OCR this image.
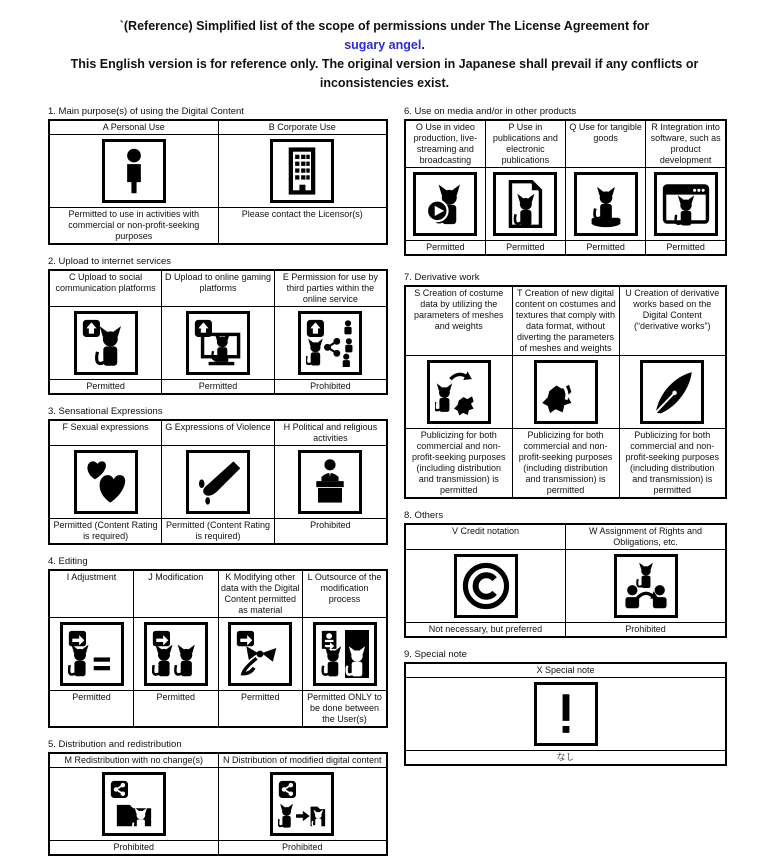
`(Reference) Simplified list of the scope of permissions under The License Agreement for
sugary angel.
This English version is for reference only. The original version in Japanese shall prevail if any conflicts or inconsistencies exist.
1. Main purpose(s) of using the Digital Content
A Personal Use	B Corporate Use

Permitted to use in activities with commercial or non-profit-seeking purposes	Please contact the Licensor(s)
2. Upload to internet services
C Upload to social communication platforms	D Upload to online gaming platforms	E Permission for use by third parties within the online service

Permitted	Permitted	Prohibited
3. Sensational Expressions
F Sexual expressions	G Expressions of Violence	H Political and religious activities

Permitted (Content Rating is required)	Permitted (Content Rating is required)	Prohibited
4. Editing
I Adjustment	J Modification	K Modifying other data with the Digital Content permitted as material	L Outsource of the modification process

Permitted	Permitted	Permitted	Permitted ONLY to be done between the User(s)
5. Distribution and redistribution
M Redistribution with no change(s)	N Distribution of modified digital content

Prohibited	Prohibited
6. Use on media and/or in other products
O Use in video production, live-streaming and broadcasting	P Use in publications and electronic publications	Q Use for tangible goods	R Integration into software, such as product development

Permitted	Permitted	Permitted	Permitted
7. Derivative work
S Creation of costume data by utilizing the parameters of meshes and weights	T Creation of new digital content on costumes and textures that comply with data format, without diverting the parameters of meshes and weights	U Creation of derivative works based on the Digital Content (“derivative works”)

Publicizing for both commercial and non-profit-seeking purposes (including distribution and transmission) is permitted	Publicizing for both commercial and non-profit-seeking purposes (including distribution and transmission) is permitted	Publicizing for both commercial and non-profit-seeking purposes (including distribution and transmission) is permitted
8. Others
V Credit notation	W Assignment of Rights and Obligations, etc.

Not necessary, but preferred	Prohibited
9. Special note
X Special note

なし
